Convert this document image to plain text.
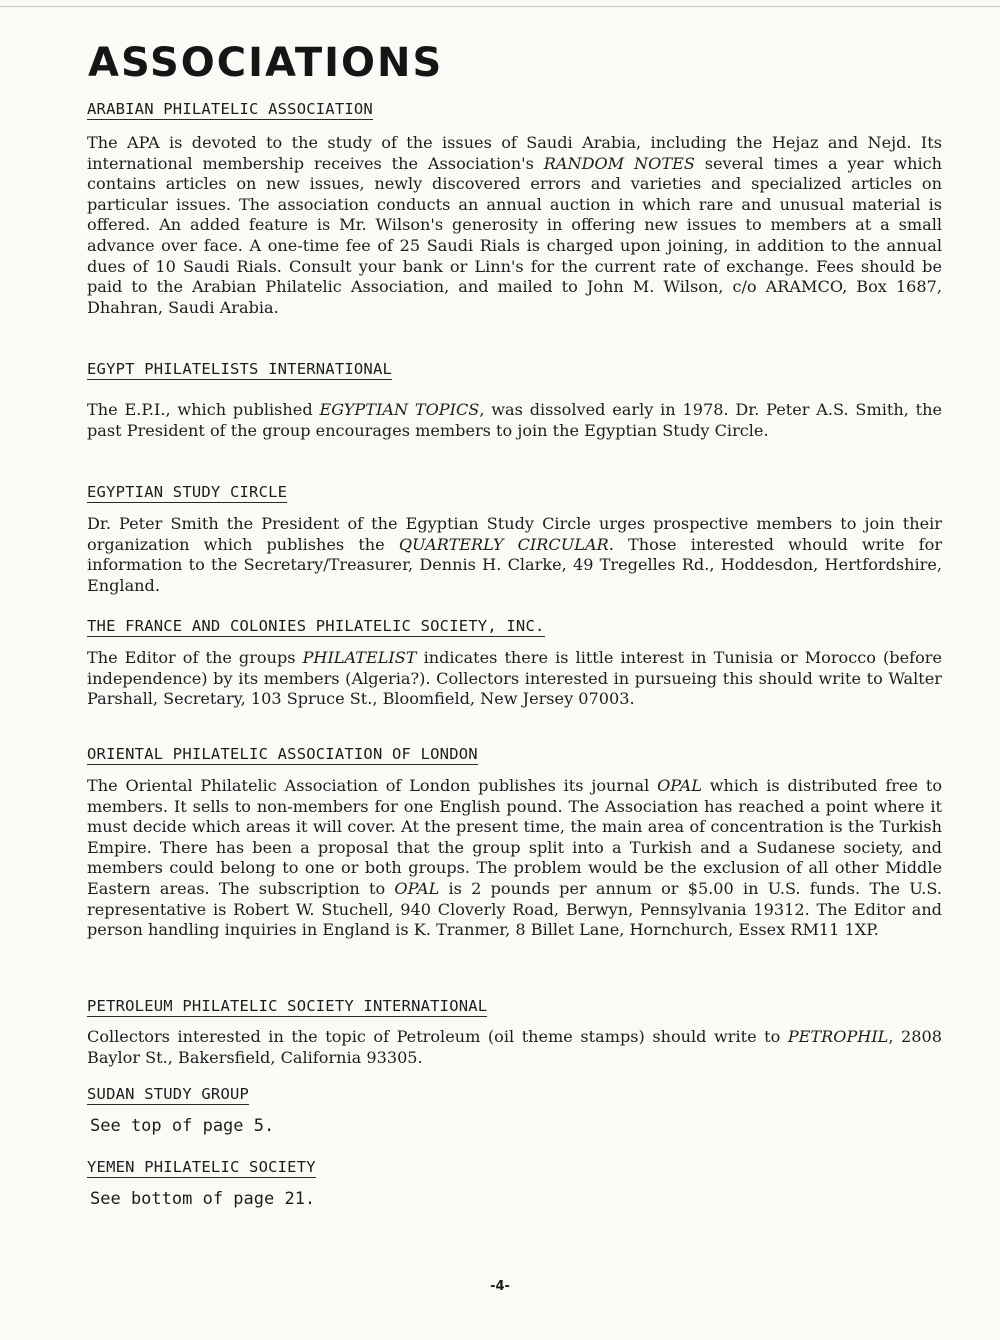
ASSOCIATIONS
ARABIAN PHILATELIC ASSOCIATION
The APA is devoted to the study of the issues of Saudi Arabia, including the Hejaz and Nejd. Its international membership receives the Association's RANDOM NOTES several times a year which contains articles on new issues, newly discovered errors and varieties and specialized articles on particular issues. The association conducts an annual auction in which rare and unusual material is offered. An added feature is Mr. Wilson's generosity in offering new issues to members at a small advance over face. A one-time fee of 25 Saudi Rials is charged upon joining, in addition to the annual dues of 10 Saudi Rials. Consult your bank or Linn's for the current rate of exchange. Fees should be paid to the Arabian Philatelic Association, and mailed to John M. Wilson, c/o ARAMCO, Box 1687, Dhahran, Saudi Arabia.
EGYPT PHILATELISTS INTERNATIONAL
The E.P.I., which published EGYPTIAN TOPICS, was dissolved early in 1978. Dr. Peter A.S. Smith, the past President of the group encourages members to join the Egyptian Study Circle.
EGYPTIAN STUDY CIRCLE
Dr. Peter Smith the President of the Egyptian Study Circle urges prospective members to join their organization which publishes the QUARTERLY CIRCULAR. Those interested whould write for information to the Secretary/Treasurer, Dennis H. Clarke, 49 Tregelles Rd., Hoddesdon, Hertfordshire, England.
THE FRANCE AND COLONIES PHILATELIC SOCIETY, INC.
The Editor of the groups PHILATELIST indicates there is little interest in Tunisia or Morocco (before independence) by its members (Algeria?). Collectors interested in pursueing this should write to Walter Parshall, Secretary, 103 Spruce St., Bloomfield, New Jersey 07003.
ORIENTAL PHILATELIC ASSOCIATION OF LONDON
The Oriental Philatelic Association of London publishes its journal OPAL which is distributed free to members. It sells to non-members for one English pound. The Association has reached a point where it must decide which areas it will cover. At the present time, the main area of concentration is the Turkish Empire. There has been a proposal that the group split into a Turkish and a Sudanese society, and members could belong to one or both groups. The problem would be the exclusion of all other Middle Eastern areas. The subscription to OPAL is 2 pounds per annum or $5.00 in U.S. funds. The U.S. representative is Robert W. Stuchell, 940 Cloverly Road, Berwyn, Pennsylvania 19312. The Editor and person handling inquiries in England is K. Tranmer, 8 Billet Lane, Hornchurch, Essex RM11 1XP.
PETROLEUM PHILATELIC SOCIETY INTERNATIONAL
Collectors interested in the topic of Petroleum (oil theme stamps) should write to PETROPHIL, 2808 Baylor St., Bakersfield, California 93305.
SUDAN STUDY GROUP
See top of page 5.
YEMEN PHILATELIC SOCIETY
See bottom of page 21.
-4-
